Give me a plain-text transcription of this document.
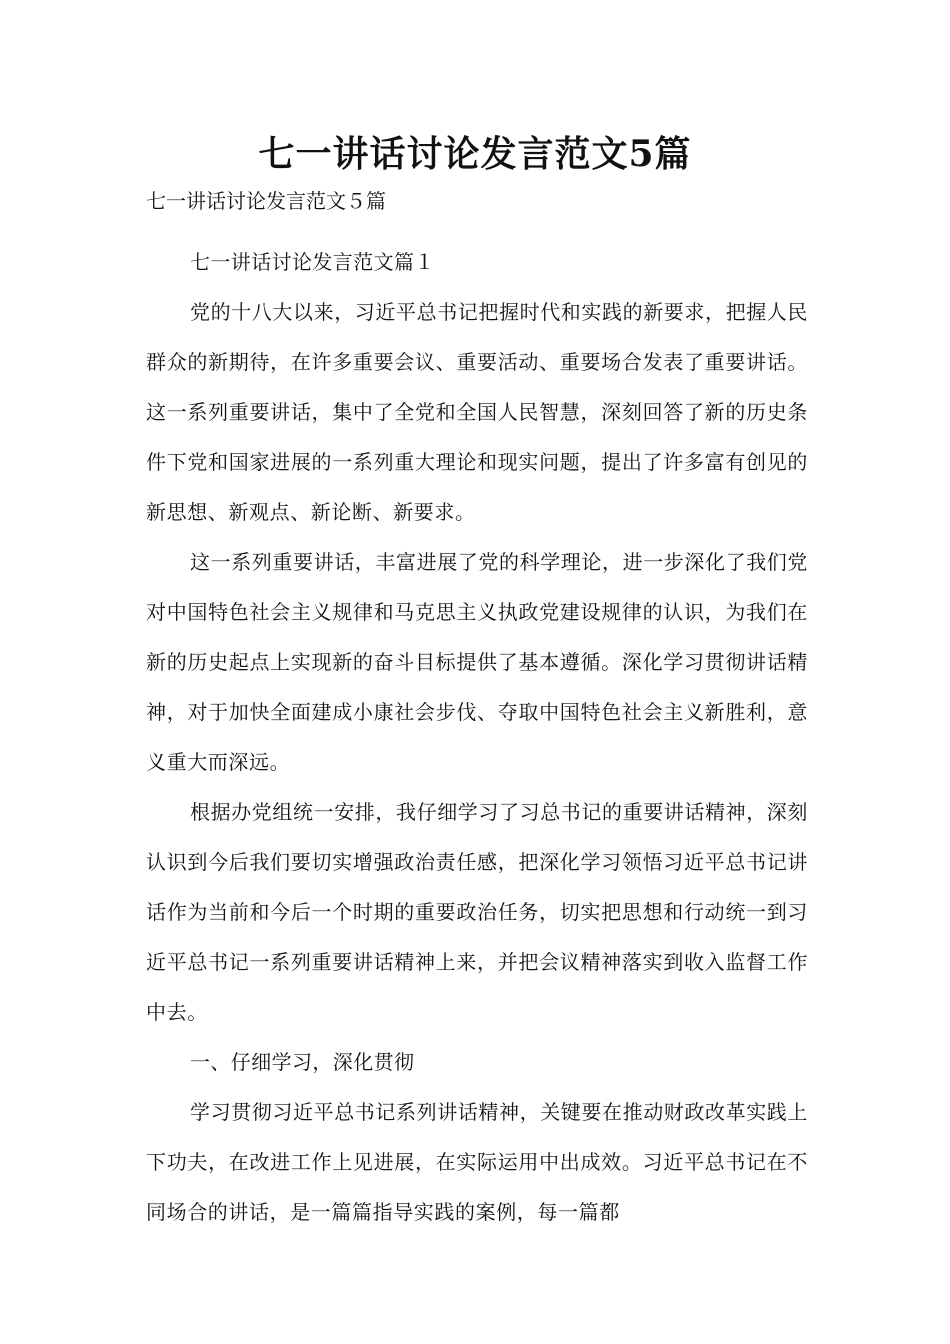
七一讲话讨论发言范文5篇

七一讲话讨论发言范文５篇

七一讲话讨论发言范文篇１

党的十八大以来，习近平总书记把握时代和实践的新要求，把握人民群众的新期待，在许多重要会议、重要活动、重要场合发表了重要讲话。这一系列重要讲话，集中了全党和全国人民智慧，深刻回答了新的历史条件下党和国家进展的一系列重大理论和现实问题，提出了许多富有创见的新思想、新观点、新论断、新要求。

这一系列重要讲话，丰富进展了党的科学理论，进一步深化了我们党对中国特色社会主义规律和马克思主义执政党建设规律的认识，为我们在新的历史起点上实现新的奋斗目标提供了基本遵循。深化学习贯彻讲话精神，对于加快全面建成小康社会步伐、夺取中国特色社会主义新胜利，意义重大而深远。

根据办党组统一安排，我仔细学习了习总书记的重要讲话精神，深刻认识到今后我们要切实增强政治责任感，把深化学习领悟习近平总书记讲话作为当前和今后一个时期的重要政治任务，切实把思想和行动统一到习近平总书记一系列重要讲话精神上来，并把会议精神落实到收入监督工作中去。

一、仔细学习，深化贯彻

学习贯彻习近平总书记系列讲话精神，关键要在推动财政改革实践上下功夫，在改进工作上见进展，在实际运用中出成效。习近平总书记在不同场合的讲话，是一篇篇指导实践的案例，每一篇都
